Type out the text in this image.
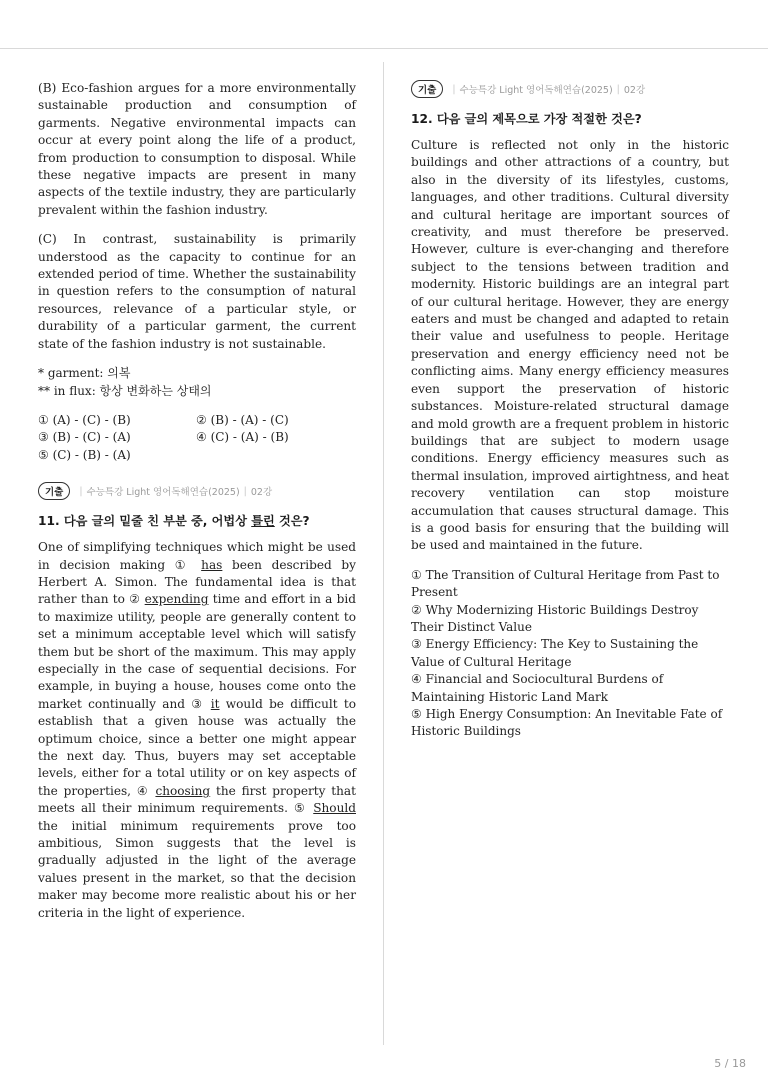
(B) Eco-fashion argues for a more environmentally sustainable production and consumption of garments. Negative environmental impacts can occur at every point along the life of a product, from production to consumption to disposal. While these negative impacts are present in many aspects of the textile industry, they are particularly prevalent within the fashion industry.

(C) In contrast, sustainability is primarily understood as the capacity to continue for an extended period of time. Whether the sustainability in question refers to the consumption of natural resources, relevance of a particular style, or durability of a particular garment, the current state of the fashion industry is not sustainable.

* garment: 의복
** in flux: 항상 변화하는 상태의
① (A) - (C) - (B)	② (B) - (A) - (C)
③ (B) - (C) - (A)	④ (C) - (A) - (B)
⑤ (C) - (B) - (A)
기출	| 수능특강 Light 영어독해연습(2025) | 02강
11. 다음 글의 밑줄 친 부분 중, 어법상 틀린 것은?

One of simplifying techniques which might be used in decision making ① has been described by Herbert A. Simon. The fundamental idea is that rather than to ② expending time and effort in a bid to maximize utility, people are generally content to set a minimum acceptable level which will satisfy them but be short of the maximum. This may apply especially in the case of sequential decisions. For example, in buying a house, houses come onto the market continually and ③ it would be difficult to establish that a given house was actually the optimum choice, since a better one might appear the next day. Thus, buyers may set acceptable levels, either for a total utility or on key aspects of the properties, ④ choosing the first property that meets all their minimum requirements. ⑤ Should the initial minimum requirements prove too ambitious, Simon suggests that the level is gradually adjusted in the light of the average values present in the market, so that the decision maker may become more realistic about his or her criteria in the light of experience.

기출	| 수능특강 Light 영어독해연습(2025) | 02강
12. 다음 글의 제목으로 가장 적절한 것은?

Culture is reflected not only in the historic buildings and other attractions of a country, but also in the diversity of its lifestyles, customs, languages, and other traditions. Cultural diversity and cultural heritage are important sources of creativity, and must therefore be preserved. However, culture is ever-changing and therefore subject to the tensions between tradition and modernity. Historic buildings are an integral part of our cultural heritage. However, they are energy eaters and must be changed and adapted to retain their value and usefulness to people. Heritage preservation and energy efficiency need not be conflicting aims. Many energy efficiency measures even support the preservation of historic substances. Moisture-related structural damage and mold growth are a frequent problem in historic buildings that are subject to modern usage conditions. Energy efficiency measures such as thermal insulation, improved airtightness, and heat recovery ventilation can stop moisture accumulation that causes structural damage. This is a good basis for ensuring that the building will be used and maintained in the future.

① The Transition of Cultural Heritage from Past to Present
② Why Modernizing Historic Buildings Destroy Their Distinct Value
③ Energy Efficiency: The Key to Sustaining the Value of Cultural Heritage
④ Financial and Sociocultural Burdens of Maintaining Historic Land Mark
⑤ High Energy Consumption: An Inevitable Fate of Historic Buildings
5 / 18
